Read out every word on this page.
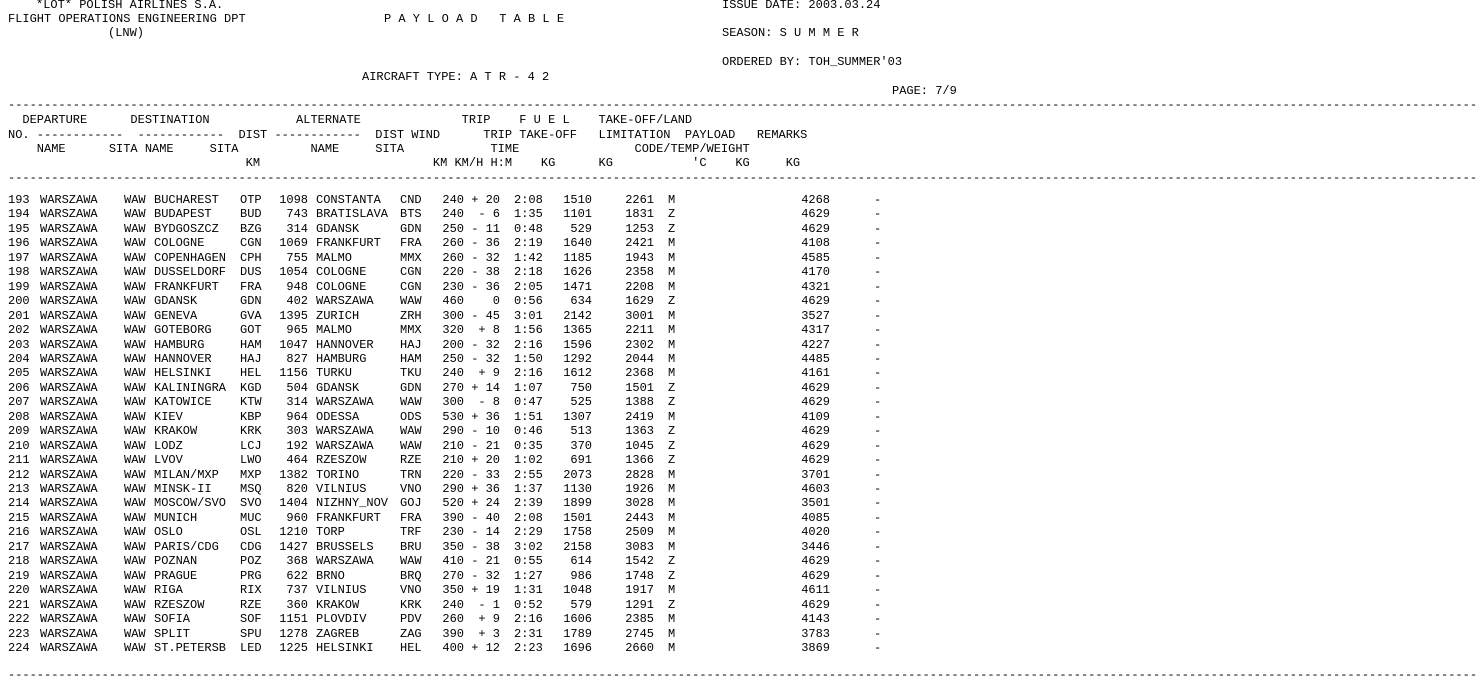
*LOT* POLISH AIRLINES S.A.
FLIGHT OPERATIONS ENGINEERING DPT
(LNW)
P A Y L O A D   T A B L E
ISSUE DATE: 2003.03.24
SEASON: S U M M E R
ORDERED BY: TOH_SUMMER'03
AIRCRAFT TYPE: A T R - 4 2
PAGE: 7/9
------------------------------------------------------------------------------------------------------------------------------------------------------------------------------------------------------------
DEPARTURE      DESTINATION            ALTERNATE              TRIP    F U E L    TAKE-OFF/LAND
NO. ------------  ------------  DIST ------------  DIST WIND      TRIP TAKE-OFF   LIMITATION  PAYLOAD   REMARKS
NAME      SITA NAME     SITA          NAME     SITA            TIME                CODE/TEMP/WEIGHT
KM                        KM KM/H H:M    KG      KG           'C    KG     KG
------------------------------------------------------------------------------------------------------------------------------------------------------------------------------------------------------------
193 WARSZAWA	WAW BUCHAREST	OTP	1098 CONSTANTA	CND	240 + 20 2:08	1510	2261 M	4268	-
194 WARSZAWA	WAW BUDAPEST	BUD	743 BRATISLAVA BTS	240	- 6 1:35	1101	1831 Z	4629	-
195 WARSZAWA	WAW BYDGOSZCZ	BZG	314 GDANSK	GDN	250 - 11 0:48	529	1253 Z	4629	-
196 WARSZAWA	WAW COLOGNE	CGN	1069 FRANKFURT	FRA	260 - 36 2:19	1640	2421 M	4108	-
197 WARSZAWA	WAW COPENHAGEN	CPH	755 MALMO	MMX	260 - 32 1:42	1185	1943 M	4585	-
198 WARSZAWA	WAW DUSSELDORF	DUS	1054 COLOGNE	CGN	220 - 38 2:18	1626	2358 M	4170	-
199 WARSZAWA	WAW FRANKFURT	FRA	948 COLOGNE	CGN	230 - 36 2:05	1471	2208 M	4321	-
200 WARSZAWA	WAW GDANSK	GDN	402 WARSZAWA	WAW	460	0 0:56	634	1629 Z	4629	-
201 WARSZAWA	WAW GENEVA	GVA	1395 ZURICH	ZRH	300 - 45 3:01	2142	3001 M	3527	-
202 WARSZAWA	WAW GOTEBORG	GOT	965 MALMO	MMX	320	+ 8 1:56	1365	2211 M	4317	-
203 WARSZAWA	WAW HAMBURG	HAM	1047 HANNOVER	HAJ	200 - 32 2:16	1596	2302 M	4227	-
204 WARSZAWA	WAW HANNOVER	HAJ	827 HAMBURG	HAM	250 - 32 1:50	1292	2044 M	4485	-
205 WARSZAWA	WAW HELSINKI	HEL	1156 TURKU	TKU	240	+ 9 2:16	1612	2368 M	4161	-
206 WARSZAWA	WAW KALININGRA	KGD	504 GDANSK	GDN	270 + 14 1:07	750	1501 Z	4629	-
207 WARSZAWA	WAW KATOWICE	KTW	314 WARSZAWA	WAW	300	- 8 0:47	525	1388 Z	4629	-
208 WARSZAWA	WAW KIEV	KBP	964 ODESSA	ODS	530 + 36 1:51	1307	2419 M	4109	-
209 WARSZAWA	WAW KRAKOW	KRK	303 WARSZAWA	WAW	290 - 10 0:46	513	1363 Z	4629	-
210 WARSZAWA	WAW LODZ	LCJ	192 WARSZAWA	WAW	210 - 21 0:35	370	1045 Z	4629	-
211 WARSZAWA	WAW LVOV	LWO	464 RZESZOW	RZE	210 + 20 1:02	691	1366 Z	4629	-
212 WARSZAWA	WAW MILAN/MXP	MXP	1382 TORINO	TRN	220 - 33 2:55	2073	2828 M	3701	-
213 WARSZAWA	WAW MINSK-II	MSQ	820 VILNIUS	VNO	290 + 36 1:37	1130	1926 M	4603	-
214 WARSZAWA	WAW MOSCOW/SVO	SVO	1404 NIZHNY_NOV GOJ	520 + 24 2:39	1899	3028 M	3501	-
215 WARSZAWA	WAW MUNICH	MUC	960 FRANKFURT	FRA	390 - 40 2:08	1501	2443 M	4085	-
216 WARSZAWA	WAW OSLO	OSL	1210 TORP	TRF	230 - 14 2:29	1758	2509 M	4020	-
217 WARSZAWA	WAW PARIS/CDG	CDG	1427 BRUSSELS	BRU	350 - 38 3:02	2158	3083 M	3446	-
218 WARSZAWA	WAW POZNAN	POZ	368 WARSZAWA	WAW	410 - 21 0:55	614	1542 Z	4629	-
219 WARSZAWA	WAW PRAGUE	PRG	622 BRNO	BRQ	270 - 32 1:27	986	1748 Z	4629	-
220 WARSZAWA	WAW RIGA	RIX	737 VILNIUS	VNO	350 + 19 1:31	1048	1917 M	4611	-
221 WARSZAWA	WAW RZESZOW	RZE	360 KRAKOW	KRK	240	- 1 0:52	579	1291 Z	4629	-
222 WARSZAWA	WAW SOFIA	SOF	1151 PLOVDIV	PDV	260	+ 9 2:16	1606	2385 M	4143	-
223 WARSZAWA	WAW SPLIT	SPU	1278 ZAGREB	ZAG	390	+ 3 2:31	1789	2745 M	3783	-
224 WARSZAWA	WAW ST.PETERSB	LED	1225 HELSINKI	HEL	400 + 12 2:23	1696	2660 M	3869	-
------------------------------------------------------------------------------------------------------------------------------------------------------------------------------------------------------------
